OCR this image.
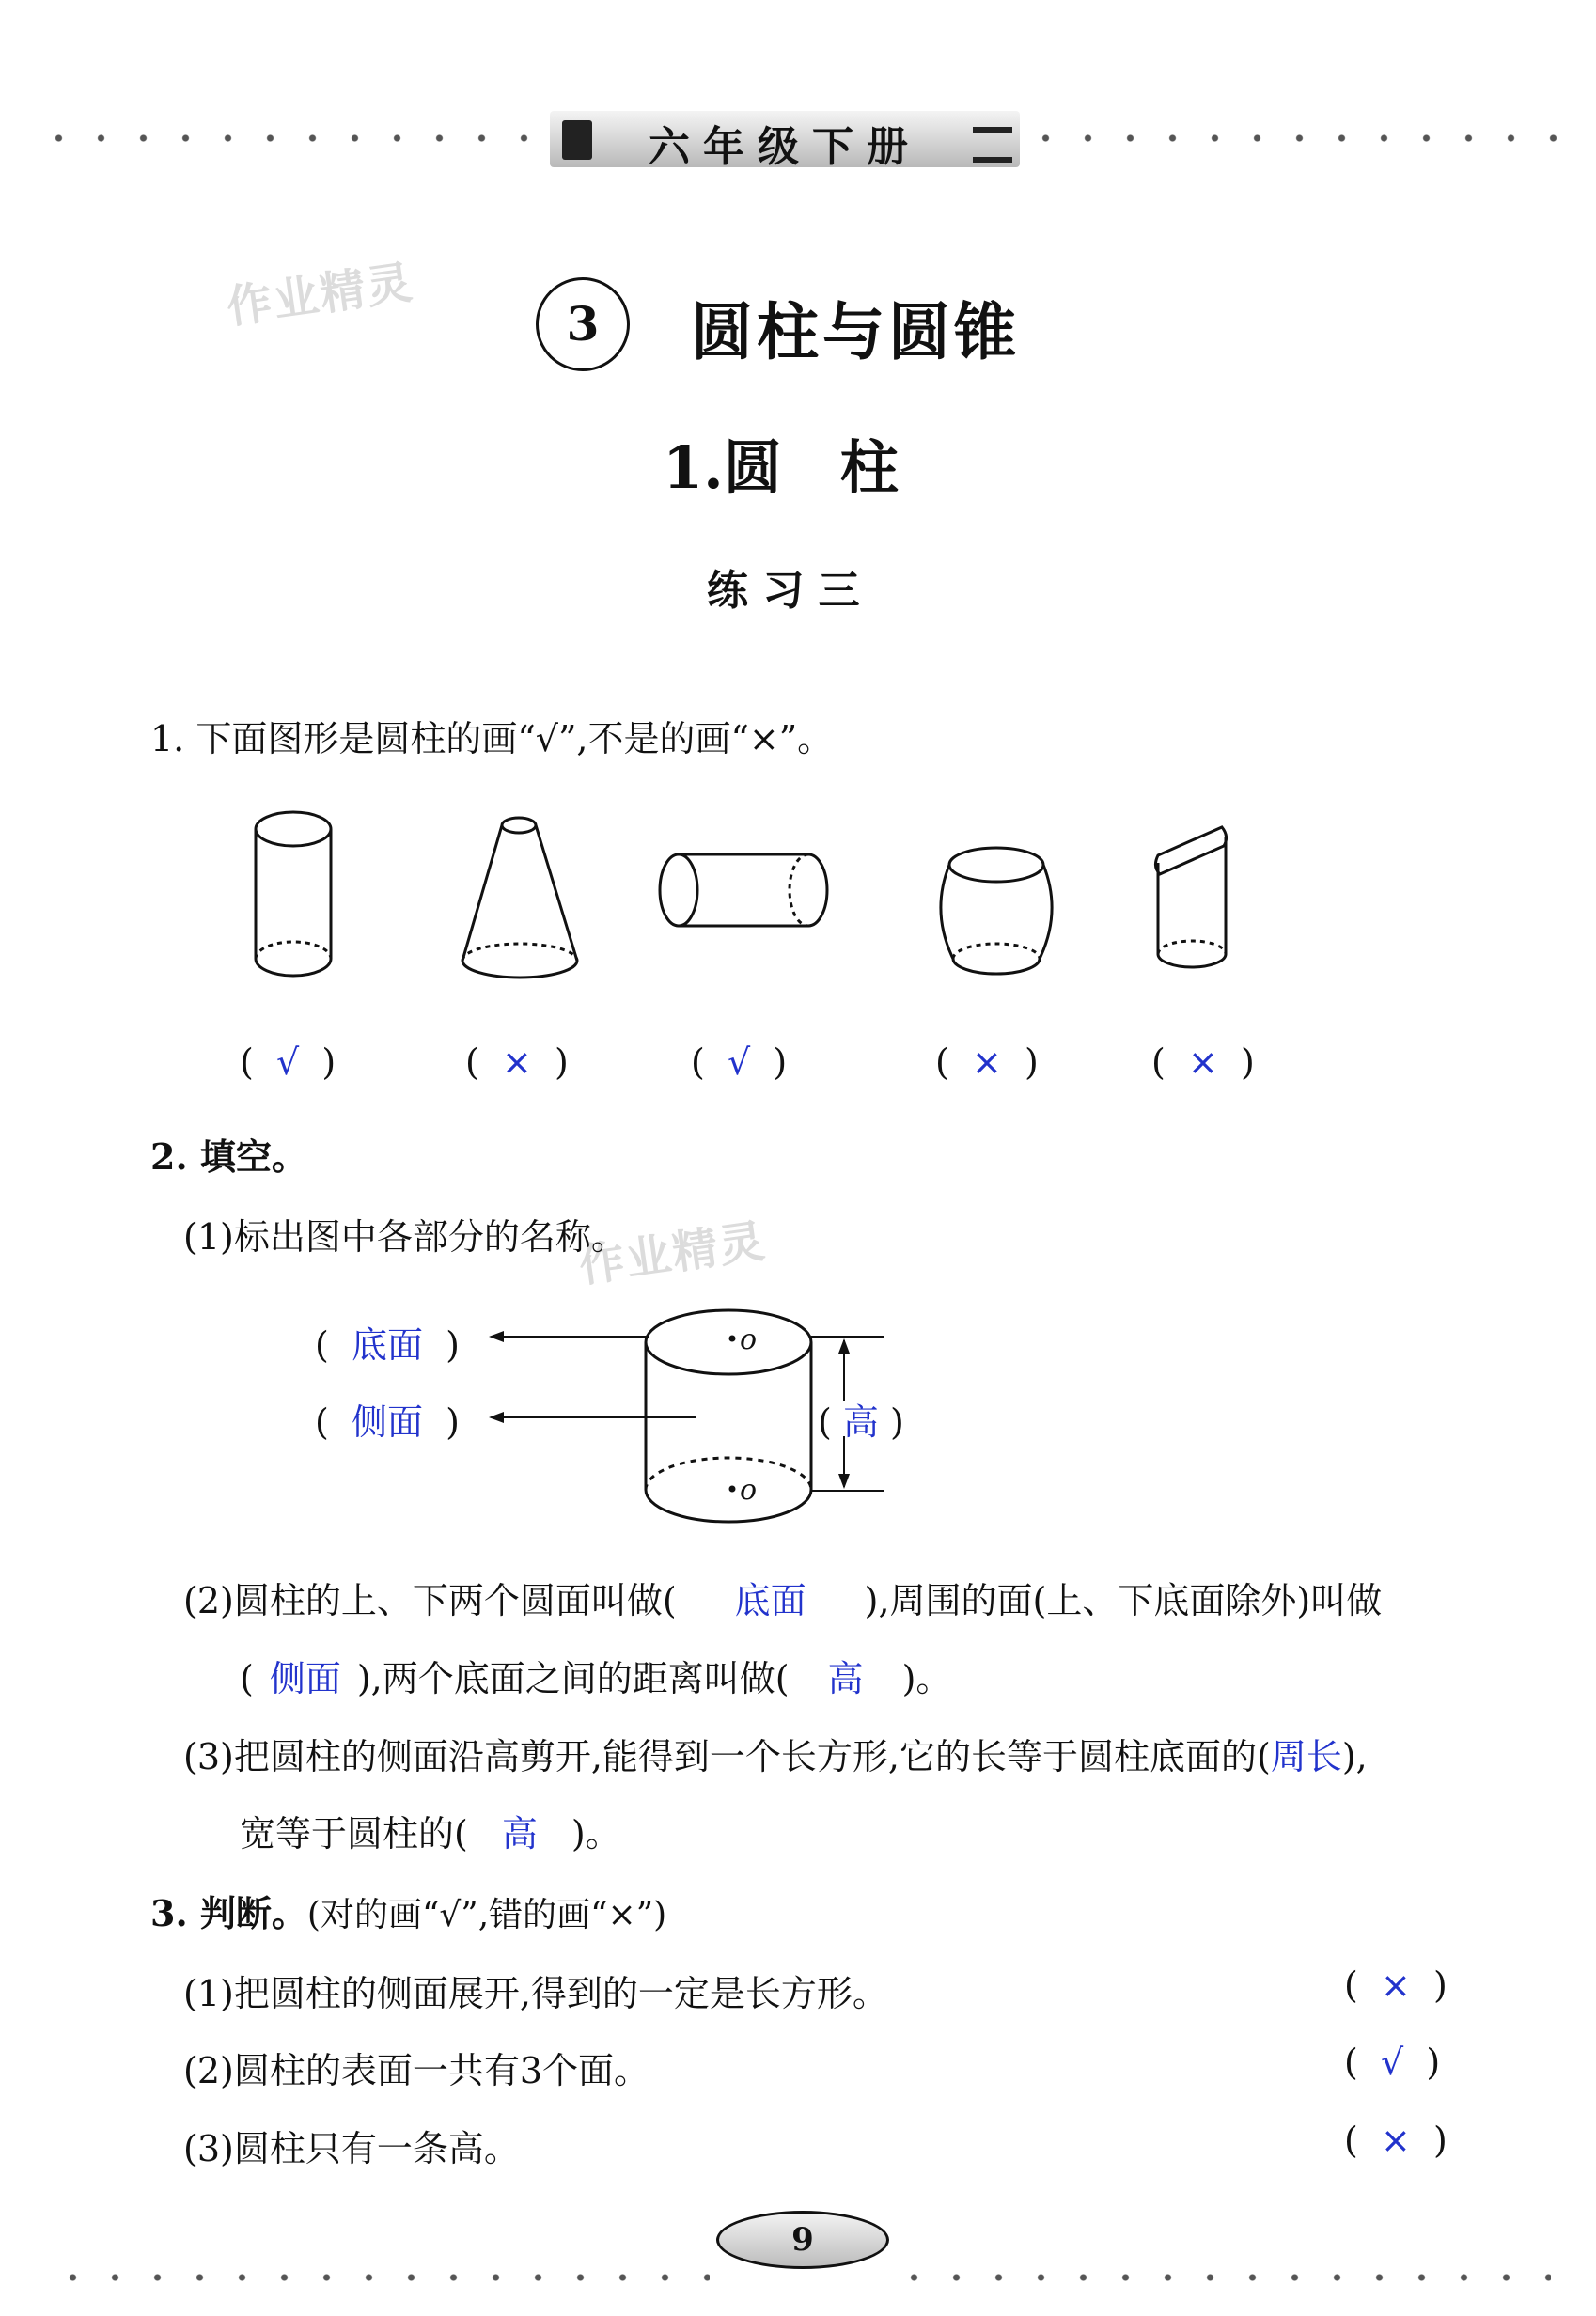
六年级下册
作业精灵
作业精灵
3	圆柱与圆锥
1.圆　柱
练 习 三
1. 下面图形是圆柱的画“√”,不是的画“×”。
(  √  )	(  ×  )	(  √  )	(  ×  )	(  ×  )
2. 填空。
(1)标出图中各部分的名称。
(  底面  )
(  侧面  )	( 高 )
o
o
(2)圆柱的上、下两个圆面叫做( 底面 ),周围的面(上、下底面除外)叫做
( 侧面 ),两个底面之间的距离叫做( 高 )。
(3)把圆柱的侧面沿高剪开,能得到一个长方形,它的长等于圆柱底面的(周长),
宽等于圆柱的( 高 )。
3. 判断。(对的画“√”,错的画“×”)
(1)把圆柱的侧面展开,得到的一定是长方形。	(  ×  )
(2)圆柱的表面一共有3个面。	(  √  )
(3)圆柱只有一条高。	(  ×  )
9
